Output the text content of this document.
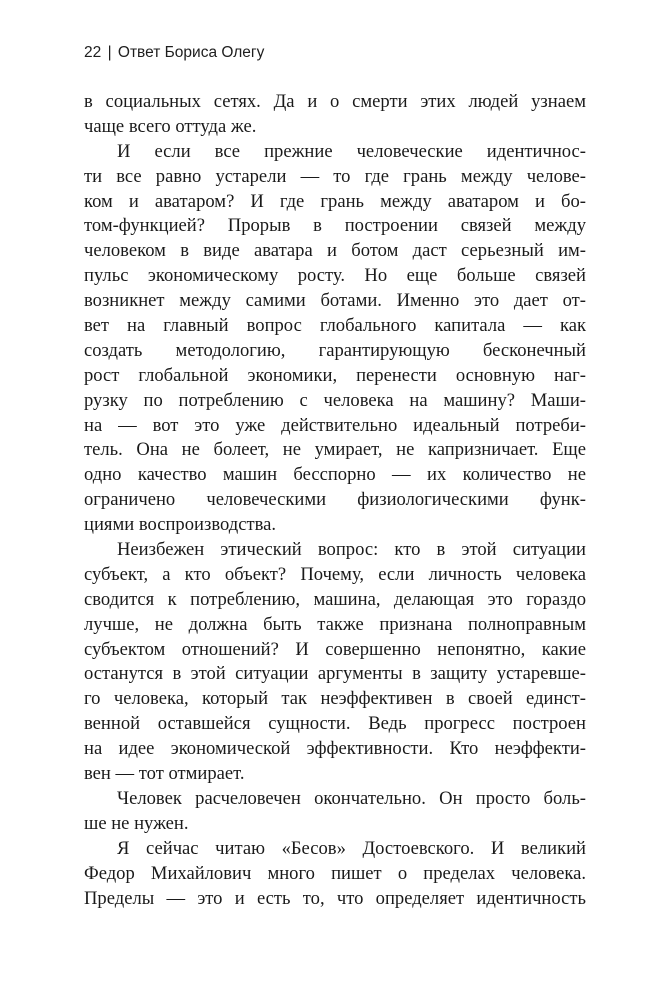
22 | Ответ Бориса Олегу
в социальных сетях. Да и о смерти этих людей узнаем
чаще всего оттуда же.
И если все прежние человеческие идентичнос-
ти все равно устарели — то где грань между челове-
ком и аватаром? И где грань между аватаром и бо-
том-функцией? Прорыв в построении связей между
человеком в виде аватара и ботом даст серьезный им-
пульс экономическому росту. Но еще больше связей
возникнет между самими ботами. Именно это дает от-
вет на главный вопрос глобального капитала — как
создать методологию, гарантирующую бесконечный
рост глобальной экономики, перенести основную наг-
рузку по потреблению с человека на машину? Маши-
на — вот это уже действительно идеальный потреби-
тель. Она не болеет, не умирает, не капризничает. Еще
одно качество машин бесспорно — их количество не
ограничено человеческими физиологическими функ-
циями воспроизводства.
Неизбежен этический вопрос: кто в этой ситуации
субъект, а кто объект? Почему, если личность человека
сводится к потреблению, машина, делающая это гораздо
лучше, не должна быть также признана полноправным
субъектом отношений? И совершенно непонятно, какие
останутся в этой ситуации аргументы в защиту устаревше-
го человека, который так неэффективен в своей единст-
венной оставшейся сущности. Ведь прогресс построен
на идее экономической эффективности. Кто неэффекти-
вен — тот отмирает.
Человек расчеловечен окончательно. Он просто боль-
ше не нужен.
Я сейчас читаю «Бесов» Достоевского. И великий
Федор Михайлович много пишет о пределах человека.
Пределы — это и есть то, что определяет идентичность
